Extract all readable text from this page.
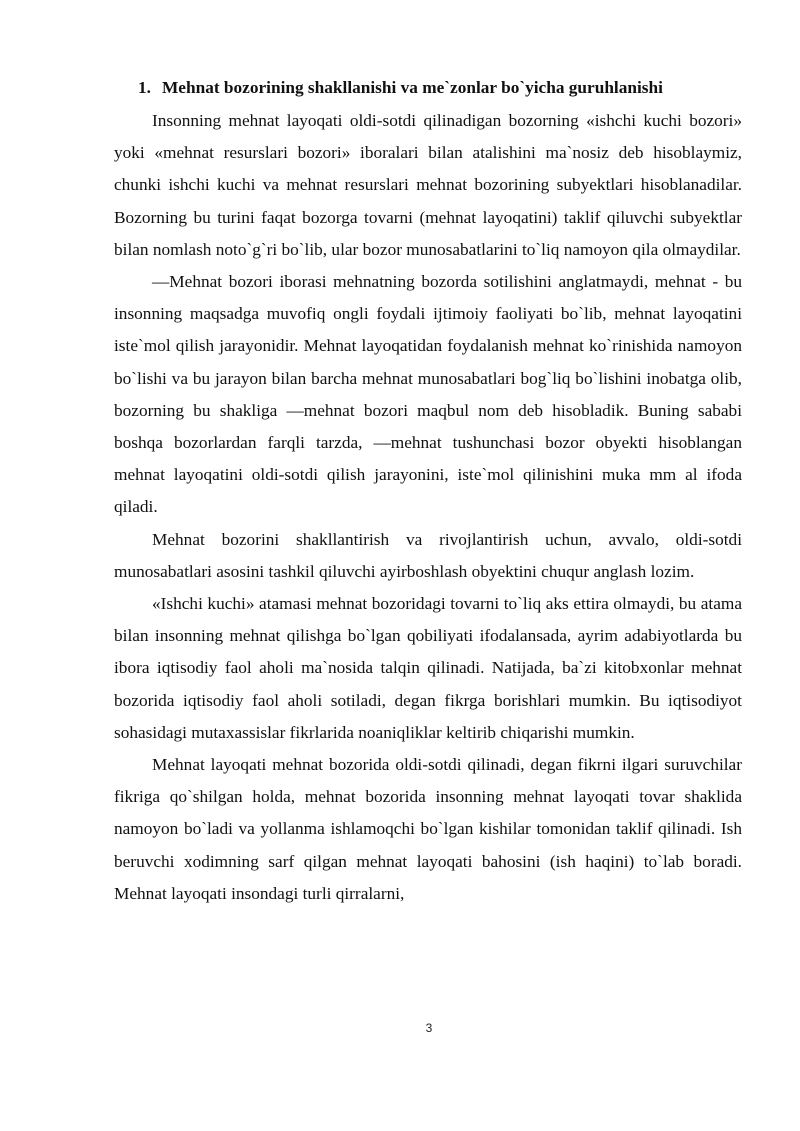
1. Mehnat bozorining shakllanishi va me`zonlar bo`yicha guruhlanishi

Insonning mehnat layoqati oldi-sotdi qilinadigan bozorning «ishchi kuchi bozori» yoki «mehnat resurslari bozori» iboralari bilan atalishini ma`nosiz deb hisoblaymiz, chunki ishchi kuchi va mehnat resurslari mehnat bozorining subyektlari hisoblanadilar. Bozorning bu turini faqat bozorga tovarni (mehnat layoqatini) taklif qiluvchi subyektlar bilan nomlash noto`g`ri bo`lib, ular bozor munosabatlarini to`liq namoyon qila olmaydilar.

―Mehnat bozori iborasi mehnatning bozorda sotilishini anglatmaydi, mehnat - bu insonning maqsadga muvofiq ongli foydali ijtimoiy faoliyati bo`lib, mehnat layoqatini iste`mol qilish jarayonidir. Mehnat layoqatidan foydalanish mehnat ko`rinishida namoyon bo`lishi va bu jarayon bilan barcha mehnat munosabatlari bog`liq bo`lishini inobatga olib, bozorning bu shakliga ―mehnat bozori maqbul nom deb hisobladik. Buning sababi boshqa bozorlardan farqli tarzda, ―mehnat tushunchasi bozor obyekti hisoblangan mehnat layoqatini oldi-sotdi qilish jarayonini, iste`mol qilinishini muka mm al ifoda qiladi.

Mehnat bozorini shakllantirish va rivojlantirish uchun, avvalo, oldi-sotdi munosabatlari asosini tashkil qiluvchi ayirboshlash obyektini chuqur anglash lozim.

«Ishchi kuchi» atamasi mehnat bozoridagi tovarni to`liq aks ettira olmaydi, bu atama bilan insonning mehnat qilishga bo`lgan qobiliyati ifodalansada, ayrim adabiyotlarda bu ibora iqtisodiy faol aholi ma`nosida talqin qilinadi. Natijada, ba`zi kitobxonlar mehnat bozorida iqtisodiy faol aholi sotiladi, degan fikrga borishlari mumkin. Bu iqtisodiyot sohasidagi mutaxassislar fikrlarida noaniqliklar keltirib chiqarishi mumkin.

Mehnat layoqati mehnat bozorida oldi-sotdi qilinadi, degan fikrni ilgari suruvchilar fikriga qo`shilgan holda, mehnat bozorida insonning mehnat layoqati tovar shaklida namoyon bo`ladi va yollanma ishlamoqchi bo`lgan kishilar tomonidan taklif qilinadi. Ish beruvchi xodimning sarf qilgan mehnat layoqati bahosini (ish haqini) to`lab boradi. Mehnat layoqati insondagi turli qirralarni,

3
